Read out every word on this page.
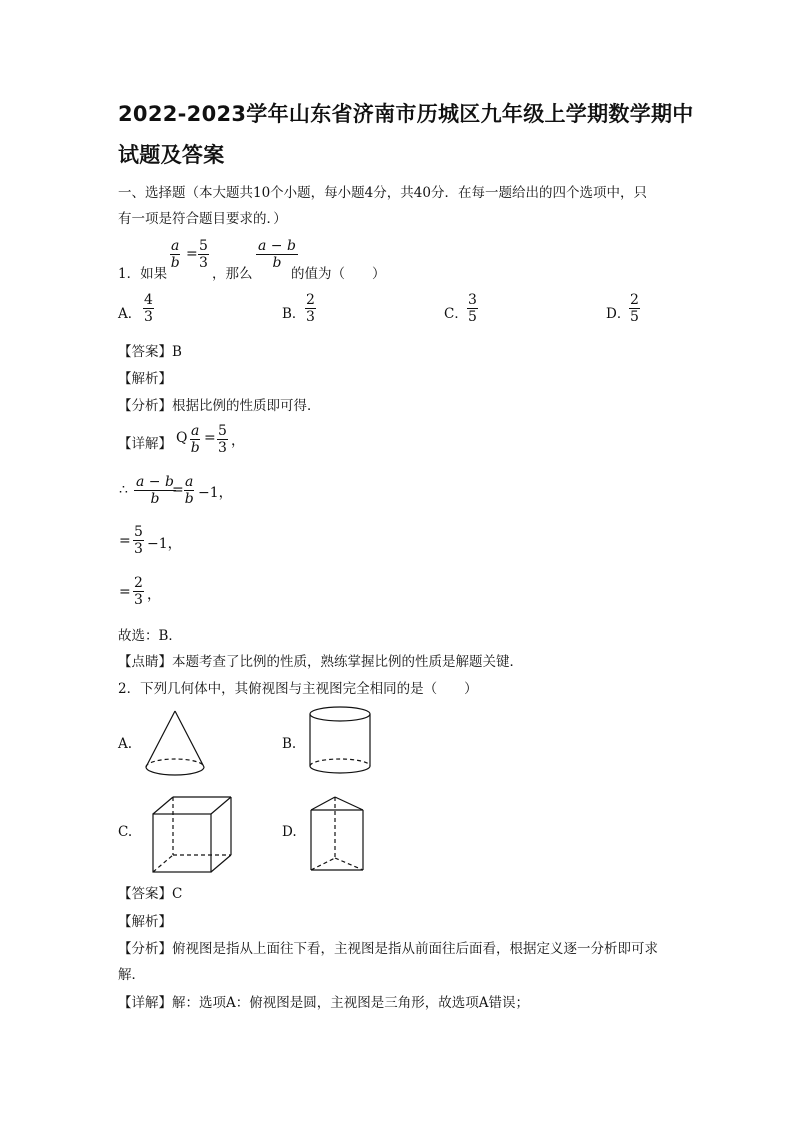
2022-2023学年山东省济南市历城区九年级上学期数学期中
试题及答案
一、选择题（本大题共10个小题，每小题4分，共40分．在每一题给出的四个选项中，只
有一项是符合题目要求的．）
1．如果
$\frac{a}{b} = \frac{5}{3}$
，那么
$\frac{a - b}{b}$
的值为（　　）
A． $\frac{4}{3}$	B． $\frac{2}{3}$	C． $\frac{3}{5}$	D．
$\frac{2}{5}$
【答案】B
【解析】
【分析】根据比例的性质即可得．
【详解】 Q $\frac{a}{b} = \frac{5}{3}$ ，
∴ $\frac{a - b}{b}$
= $\frac{a}{b} -1$，
= $\frac{5}{3} -1$，
= $\frac{2}{3}$ ，
故选：B．
【点睛】本题考查了比例的性质，熟练掌握比例的性质是解题关键．
2．下列几何体中，其俯视图与主视图完全相同的是（　　）
A.	B.
C.	D.
【答案】C
【解析】
【分析】俯视图是指从上面往下看，主视图是指从前面往后面看，根据定义逐一分析即可求
解．
【详解】解：选项A：俯视图是圆，主视图是三角形，故选项A错误；
